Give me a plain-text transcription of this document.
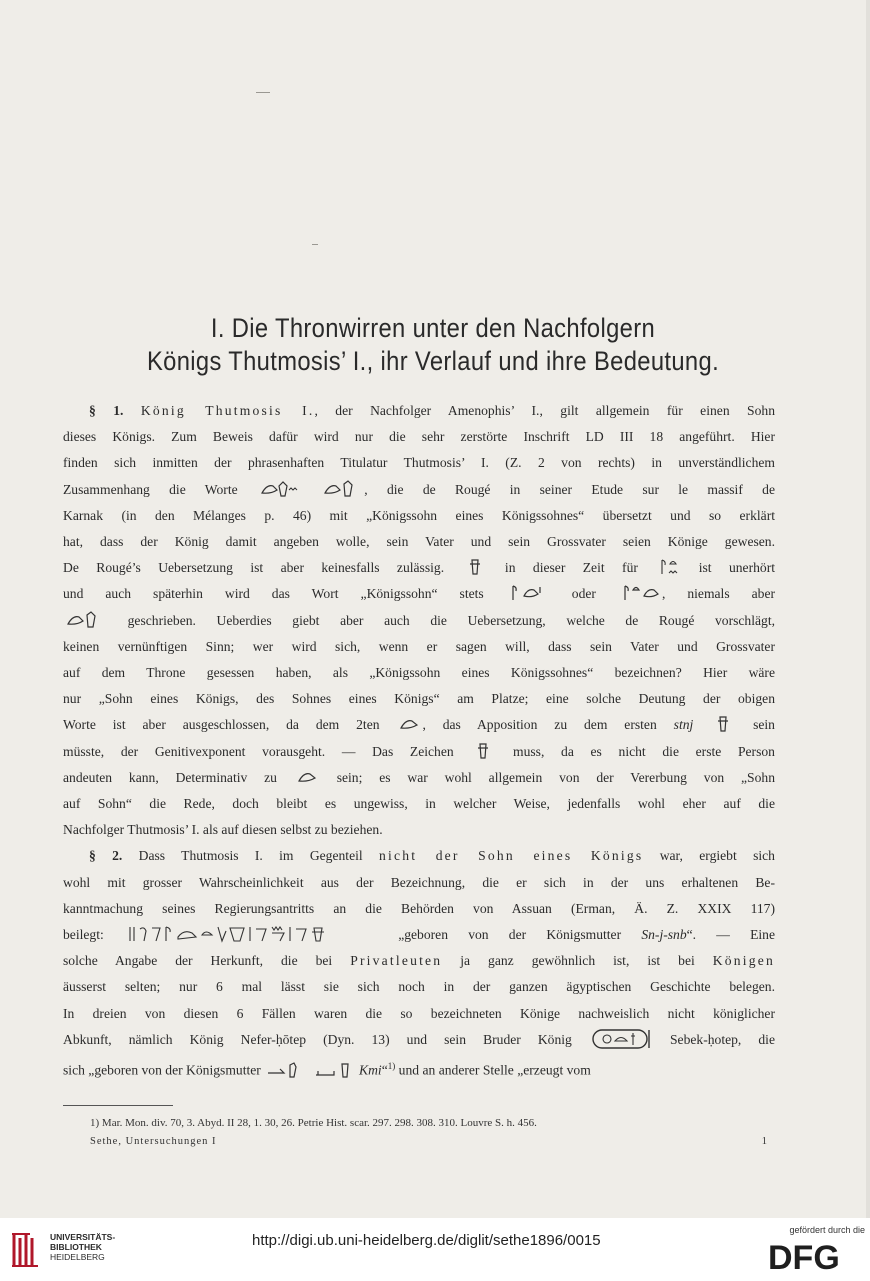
I. Die Thronwirren unter den Nachfolgern
Königs Thutmosis’ I., ihr Verlauf und ihre Bedeutung.
§ 1. König Thutmosis I., der Nachfolger Amenophis’ I., gilt allgemein für einen Sohn
dieses Königs. Zum Beweis dafür wird nur die sehr zerstörte Inschrift LD III 18 angeführt. Hier
finden sich inmitten der phrasenhaften Titulatur Thutmosis’ I. (Z. 2 von rechts) in unverständlichem
Zusammenhang die Worte	, die de Rougé in seiner Etude sur le massif de
Karnak (in den Mélanges p. 46) mit „Königssohn eines Königssohnes“ übersetzt und so erklärt
hat, dass der König damit angeben wolle, sein Vater und sein Grossvater seien Könige gewesen.
De Rougé’s Uebersetzung ist aber keinesfalls zulässig.	in dieser Zeit für	ist unerhört
und auch späterhin wird das Wort „Königssohn“ stets	oder	, niemals aber
geschrieben. Ueberdies giebt aber auch die Uebersetzung, welche de Rougé vorschlägt,
keinen vernünftigen Sinn; wer wird sich, wenn er sagen will, dass sein Vater und Grossvater
auf dem Throne gesessen haben, als „Königssohn eines Königssohnes“ bezeichnen? Hier wäre
nur „Sohn eines Königs, des Sohnes eines Königs“ am Platze; eine solche Deutung der obigen
Worte ist aber ausgeschlossen, da dem 2ten	, das Apposition zu dem ersten stnj	sein
müsste, der Genitivexponent vorausgeht. — Das Zeichen	muss, da es nicht die erste Person
andeuten kann, Determinativ zu	sein; es war wohl allgemein von der Vererbung von „Sohn
auf Sohn“ die Rede, doch bleibt es ungewiss, in welcher Weise, jedenfalls wohl eher auf die
Nachfolger Thutmosis’ I. als auf diesen selbst zu beziehen.
§ 2. Dass Thutmosis I. im Gegenteil nicht der Sohn eines Königs war, ergiebt sich
wohl mit grosser Wahrscheinlichkeit aus der Bezeichnung, die er sich in der uns erhaltenen Be-
kanntmachung seines Regierungsantritts an die Behörden von Assuan (Erman, Ä. Z. XXIX 117)
beilegt:	„geboren von der Königsmutter Sn-j-snb“. — Eine
solche Angabe der Herkunft, die bei Privatleuten ja ganz gewöhnlich ist, ist bei Königen
äusserst selten; nur 6 mal lässt sie sich noch in der ganzen ägyptischen Geschichte belegen.
In dreien von diesen 6 Fällen waren die so bezeichneten Könige nachweislich nicht königlicher
Abkunft, nämlich König Nefer-ḥōtep (Dyn. 13) und sein Bruder König	Sebek-ḥotep, die
sich „geboren von der Königsmutter	Kmi“$^{1)}$ und an anderer Stelle „erzeugt vom
1) Mar. Mon. div. 70, 3. Abyd. II 28, 1. 30, 26. Petrie Hist. scar. 297. 298. 308. 310. Louvre S. h. 456.
Sethe, Untersuchungen I	1
UNIVERSITÄTS-
BIBLIOTHEK
HEIDELBERG
http://digi.ub.uni-heidelberg.de/diglit/sethe1896/0015
gefördert durch die
DFG
